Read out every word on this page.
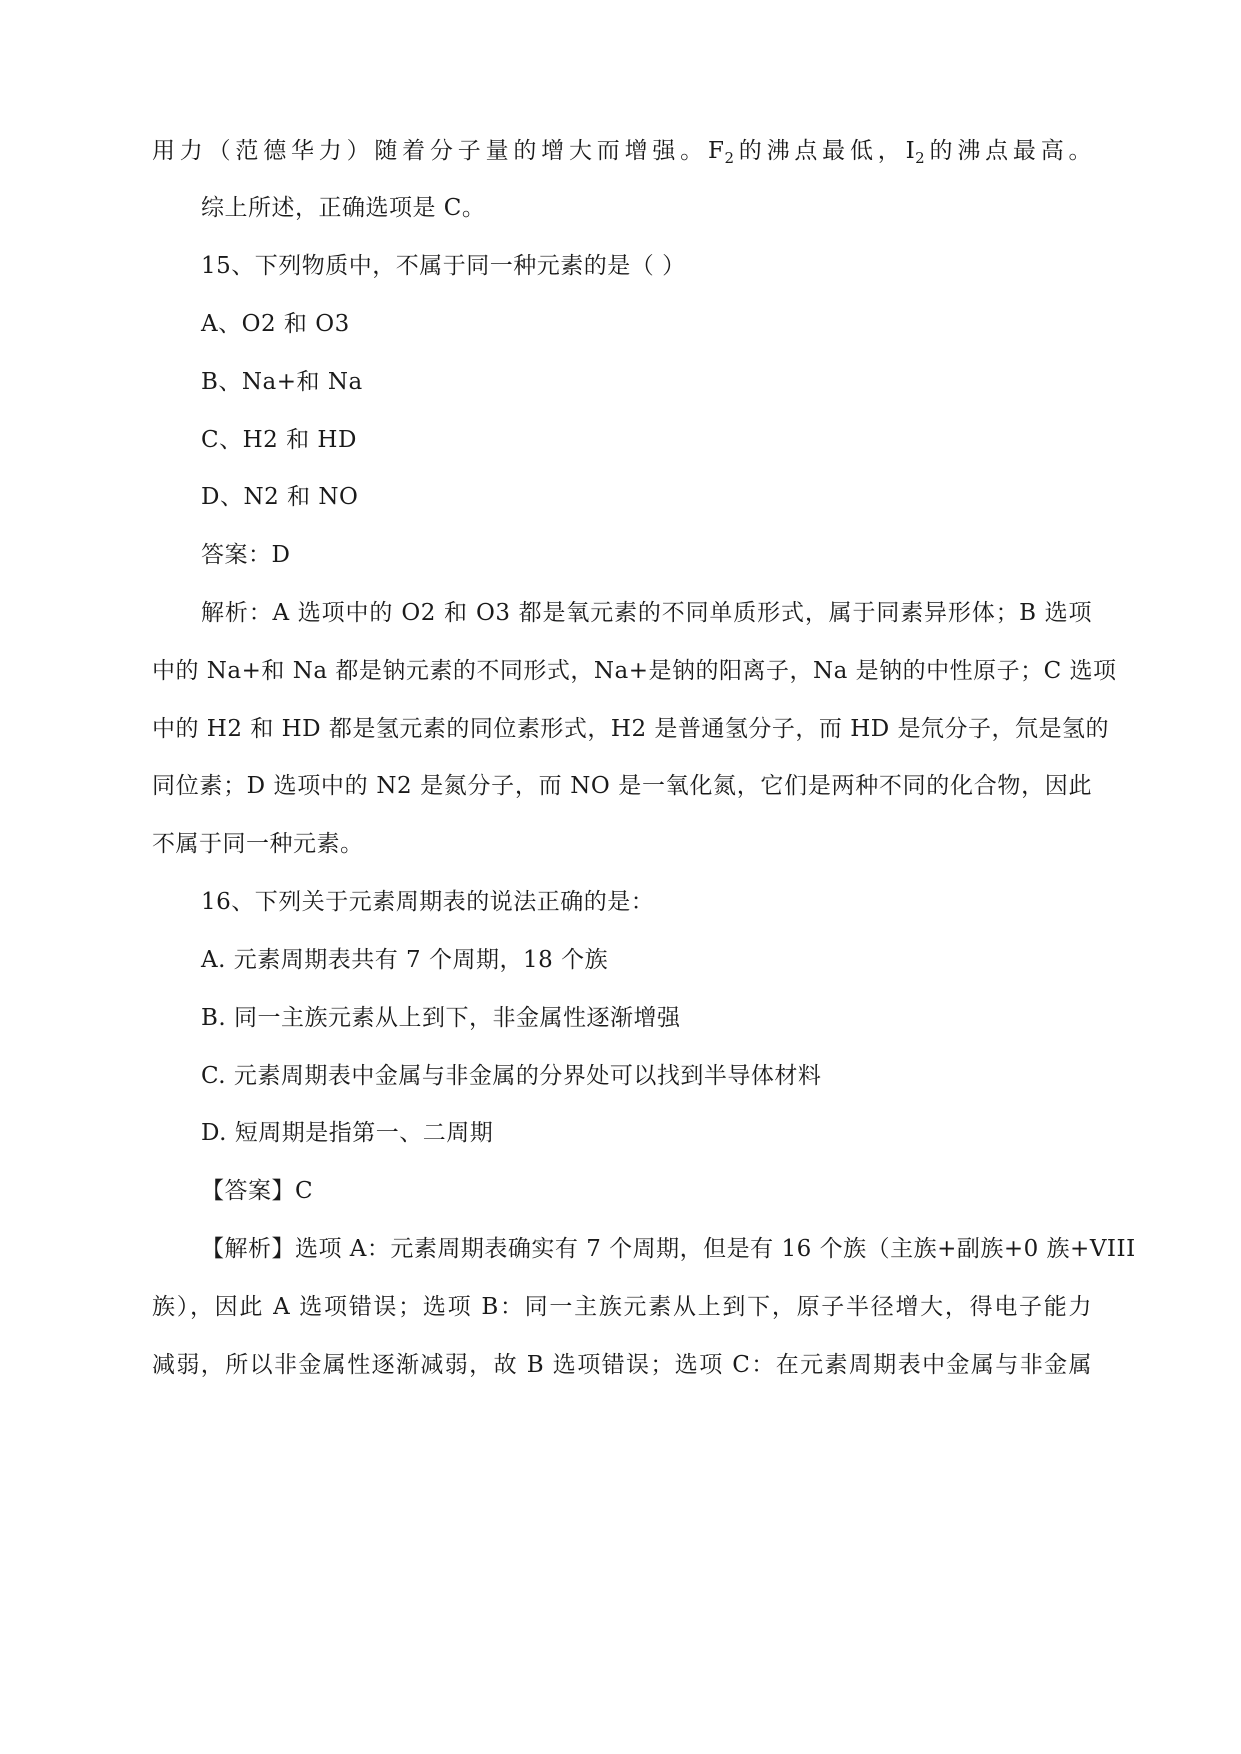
用力（范德华力）随着分子量的增大而增强。$F_2$的沸点最低，$I_2$的沸点最高。
综上所述，正确选项是 C。
15、下列物质中，不属于同一种元素的是（ ）
A、O2 和 O3
B、Na+和 Na
C、H2 和 HD
D、N2 和 NO
答案：D
解析：A 选项中的 O2 和 O3 都是氧元素的不同单质形式，属于同素异形体；B 选项
中的 Na+和 Na 都是钠元素的不同形式，Na+是钠的阳离子，Na 是钠的中性原子；C 选项
中的 H2 和 HD 都是氢元素的同位素形式，H2 是普通氢分子，而 HD 是氘分子，氘是氢的
同位素；D 选项中的 N2 是氮分子，而 NO 是一氧化氮，它们是两种不同的化合物，因此
不属于同一种元素。
16、下列关于元素周期表的说法正确的是：
A. 元素周期表共有 7 个周期，18 个族
B. 同一主族元素从上到下，非金属性逐渐增强
C. 元素周期表中金属与非金属的分界处可以找到半导体材料
D. 短周期是指第一、二周期
【答案】C
【解析】选项 A：元素周期表确实有 7 个周期，但是有 16 个族（主族+副族+0 族+VIII
族），因此 A 选项错误；选项 B：同一主族元素从上到下，原子半径增大，得电子能力
减弱，所以非金属性逐渐减弱，故 B 选项错误；选项 C：在元素周期表中金属与非金属
